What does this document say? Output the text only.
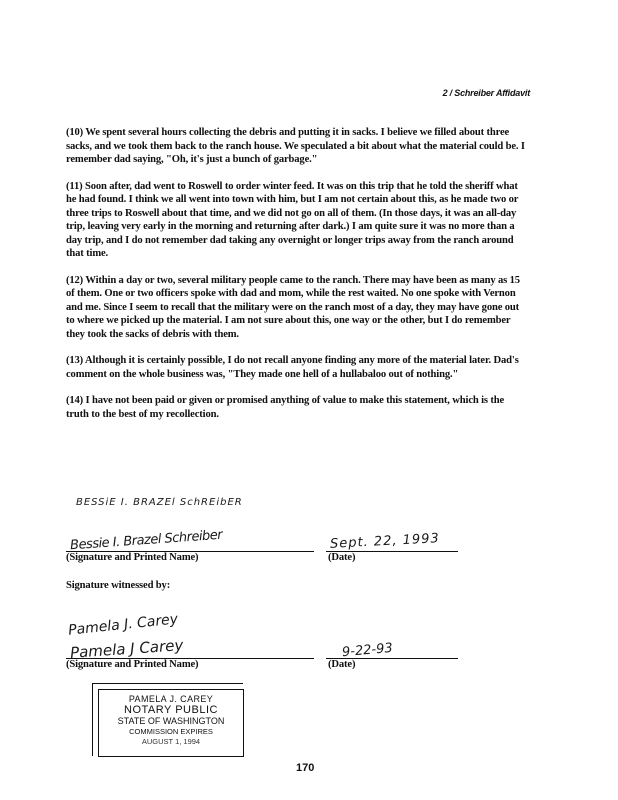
2 / Schreiber Affidavit

(10) We spent several hours collecting the debris and putting it in sacks. I believe we filled about three sacks, and we took them back to the ranch house. We speculated a bit about what the material could be. I remember dad saying, "Oh, it's just a bunch of garbage."

(11) Soon after, dad went to Roswell to order winter feed. It was on this trip that he told the sheriff what he had found. I think we all went into town with him, but I am not certain about this, as he made two or three trips to Roswell about that time, and we did not go on all of them. (In those days, it was an all-day trip, leaving very early in the morning and returning after dark.) I am quite sure it was no more than a day trip, and I do not remember dad taking any overnight or longer trips away from the ranch around that time.

(12) Within a day or two, several military people came to the ranch. There may have been as many as 15 of them. One or two officers spoke with dad and mom, while the rest waited. No one spoke with Vernon and me. Since I seem to recall that the military were on the ranch most of a day, they may have gone out to where we picked up the material. I am not sure about this, one way or the other, but I do remember they took the sacks of debris with them.

(13) Although it is certainly possible, I do not recall anyone finding any more of the material later. Dad's comment on the whole business was, "They made one hell of a hullabaloo out of nothing."

(14) I have not been paid or given or promised anything of value to make this statement, which is the truth to the best of my recollection.

BESSiE I. BRAZEl SchREibER
Bessie I. Brazel Schreiber	Sept. 22, 1993
(Signature and Printed Name)	(Date)
Signature witnessed by:
Pamela J. Carey
Pamela J Carey	9-22-93
(Signature and Printed Name)	(Date)
PAMELA J. CAREY
NOTARY PUBLIC
STATE OF WASHINGTON
COMMISSION EXPIRES
AUGUST 1, 1994
170
